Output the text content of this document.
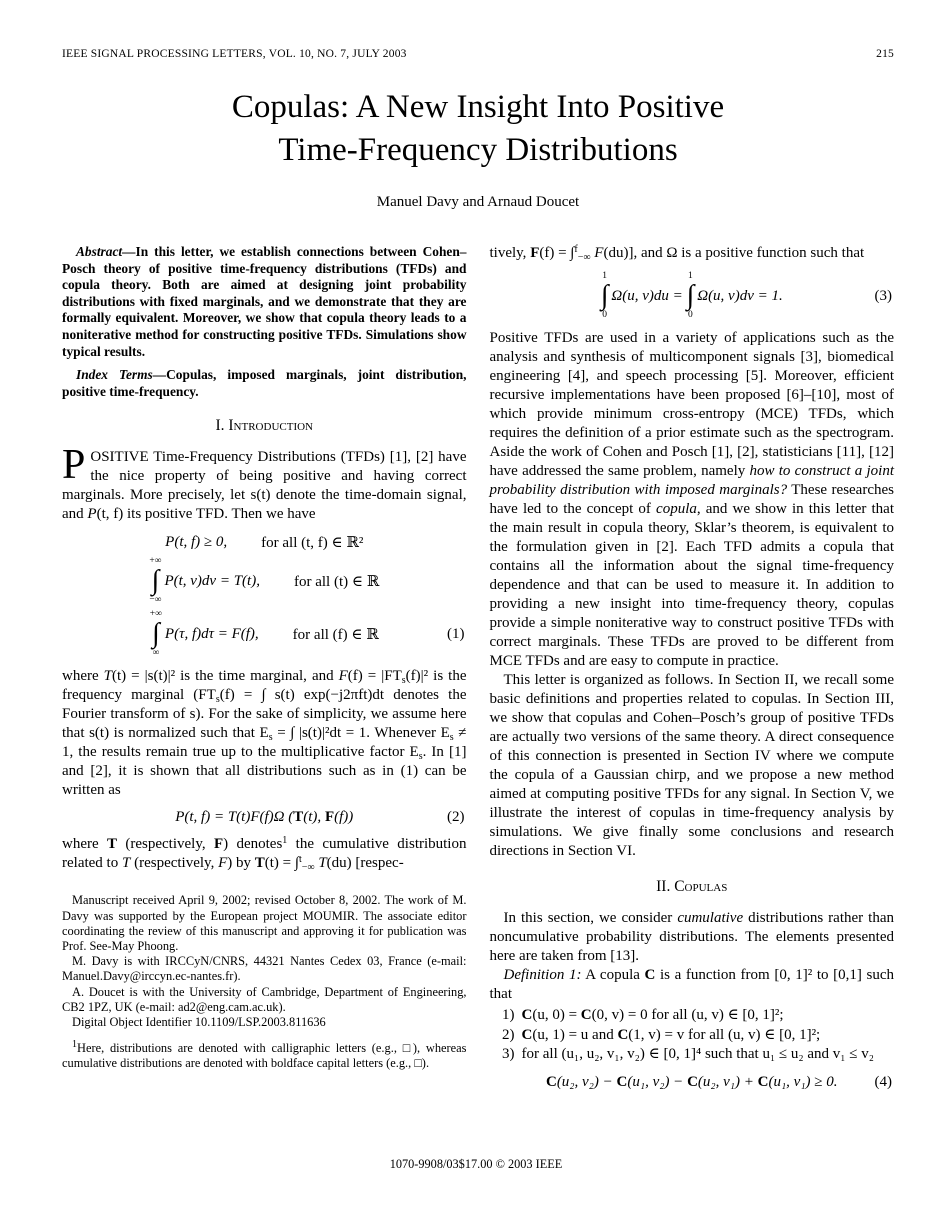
IEEE SIGNAL PROCESSING LETTERS, VOL. 10, NO. 7, JULY 2003	215
Copulas: A New Insight Into Positive
Time-Frequency Distributions
Manuel Davy and Arnaud Doucet

Abstract—In this letter, we establish connections between Cohen–Posch theory of positive time-frequency distributions (TFDs) and copula theory. Both are aimed at designing joint probability distributions with fixed marginals, and we demonstrate that they are formally equivalent. Moreover, we show that copula theory leads to a noniterative method for constructing positive TFDs. Simulations show typical results.

Index Terms—Copulas, imposed marginals, joint distribution, positive time-frequency.

I. Introduction

POSITIVE Time-Frequency Distributions (TFDs) [1], [2] have the nice property of being positive and having correct marginals. More precisely, let s(t) denote the time-domain signal, and P(t, f) its positive TFD. Then we have

P(t, f) ≥ 0, for all (t, f) ∈ ℝ²
+∞
∫
−∞
P(t, ν)dν = T(t), for all (t) ∈ ℝ
+∞
∫
∞
P(τ, f)dτ = F(f), for all (f) ∈ ℝ	(1)

where T(t) = |s(t)|² is the time marginal, and $F(f) = |FT_s(f)|^2$ is the frequency marginal ($FT_s(f)$ = ∫ s(t) exp(−j2πft)dt denotes the Fourier transform of s). For the sake of simplicity, we assume here that s(t) is normalized such that $E_s$ = ∫ |s(t)|²dt = 1. Whenever $E_s \ne 1$, the results remain true up to the multiplicative factor $E_s$. In [1] and [2], it is shown that all distributions such as in (1) can be written as

P(t, f) = T(t)F(f)Ω (T(t), F(f))	(2)

where T (respectively, F) denotes$^1$ the cumulative distribution related to T (respectively, F) by T(t) = ∫$^t_{-\infty}$ T(du) [respec-

Manuscript received April 9, 2002; revised October 8, 2002. The work of M. Davy was supported by the European project MOUMIR. The associate editor coordinating the review of this manuscript and approving it for publication was Prof. See-May Phoong.

M. Davy is with IRCCyN/CNRS, 44321 Nantes Cedex 03, France (e-mail: Manuel.Davy@irccyn.ec-nantes.fr).

A. Doucet is with the University of Cambridge, Department of Engineering, CB2 1PZ, UK (e-mail: ad2@eng.cam.ac.uk).

Digital Object Identifier 10.1109/LSP.2003.811636

$^1$Here, distributions are denoted with calligraphic letters (e.g., □), whereas cumulative distributions are denoted with boldface capital letters (e.g., □).

tively, F(f) = ∫$^f_{-\infty}$ F(du)], and Ω is a positive function such that

1
∫
0
Ω(u, v)du =
1
∫
0
Ω(u, v)dv = 1.	(3)

Positive TFDs are used in a variety of applications such as the analysis and synthesis of multicomponent signals [3], biomedical engineering [4], and speech processing [5]. Moreover, efficient recursive implementations have been proposed [6]–[10], most of which provide minimum cross-entropy (MCE) TFDs, which requires the definition of a prior estimate such as the spectrogram. Aside the work of Cohen and Posch [1], [2], statisticians [11], [12] have addressed the same problem, namely how to construct a joint probability distribution with imposed marginals? These researches have led to the concept of copula, and we show in this letter that the main result in copula theory, Sklar’s theorem, is equivalent to the formulation given in [2]. Each TFD admits a copula that contains all the information about the signal time-frequency dependence and that can be used to measure it. In addition to providing a new insight into time-frequency theory, copulas provide a simple noniterative way to construct positive TFDs with correct marginals. These TFDs are proved to be different from MCE TFDs and are easy to compute in practice.

This letter is organized as follows. In Section II, we recall some basic definitions and properties related to copulas. In Section III, we show that copulas and Cohen–Posch’s group of positive TFDs are actually two versions of the same theory. A direct consequence of this connection is presented in Section IV where we compute the copula of a Gaussian chirp, and we propose a new method aimed at computing positive TFDs for any signal. In Section V, we illustrate the interest of copulas in time-frequency analysis by simulations. We give finally some conclusions and research directions in Section VI.

II. Copulas

In this section, we consider cumulative distributions rather than noncumulative probability distributions. The elements presented here are taken from [13].

Definition 1: A copula C is a function from [0, 1]² to [0,1] such that

1) C(u, 0) = C(0, v) = 0 for all (u, v) ∈ [0, 1]²;
2) C(u, 1) = u and C(1, v) = v for all (u, v) ∈ [0, 1]²;
3) for all (u₁, u₂, v₁, v₂) ∈ [0, 1]⁴ such that u₁ ≤ u₂ and v₁ ≤ v₂
C(u₂, v₂) − C(u₁, v₂) − C(u₂, v₁) + C(u₁, v₁) ≥ 0. (4)
1070-9908/03$17.00 © 2003 IEEE
